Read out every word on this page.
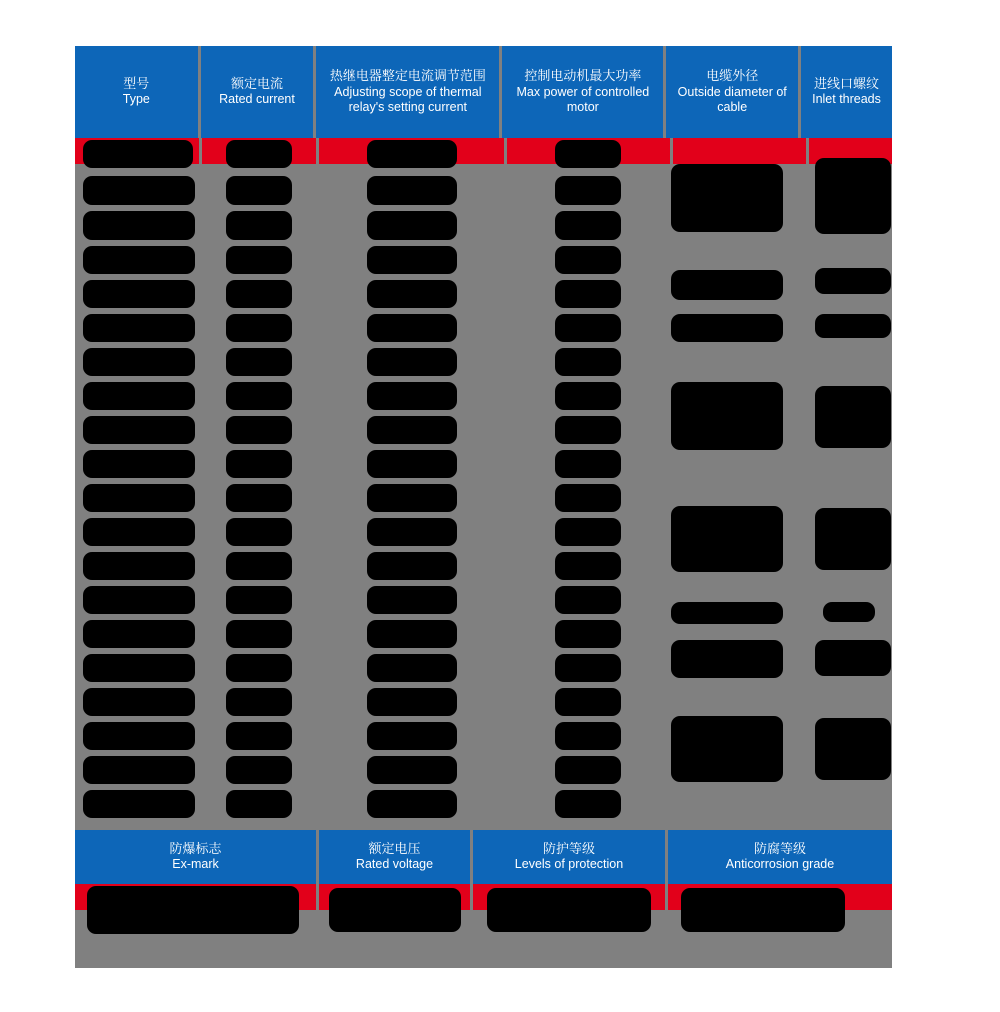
型号
Type
额定电流
Rated current
热继电器整定电流调节范围
Adjusting scope of thermal relay's setting current
控制电动机最大功率
Max power of controlled motor
电缆外径
Outside diameter of cable
进线口螺纹
Inlet threads
防爆标志
Ex-mark
额定电压
Rated voltage
防护等级
Levels of protection
防腐等级
Anticorrosion grade
